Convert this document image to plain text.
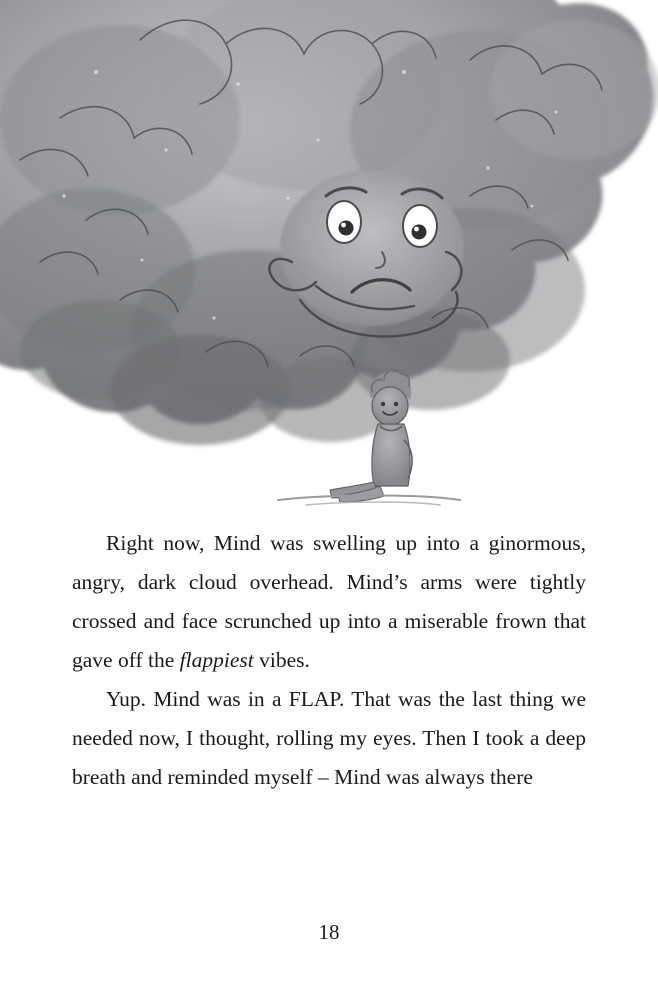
Right now, Mind was swelling up into a ginormous, angry, dark cloud overhead. Mind’s arms were tightly crossed and face scrunched up into a miserable frown that gave off the flappiest vibes.

Yup. Mind was in a FLAP. That was the last thing we needed now, I thought, rolling my eyes. Then I took a deep breath and reminded myself – Mind was always there

18
